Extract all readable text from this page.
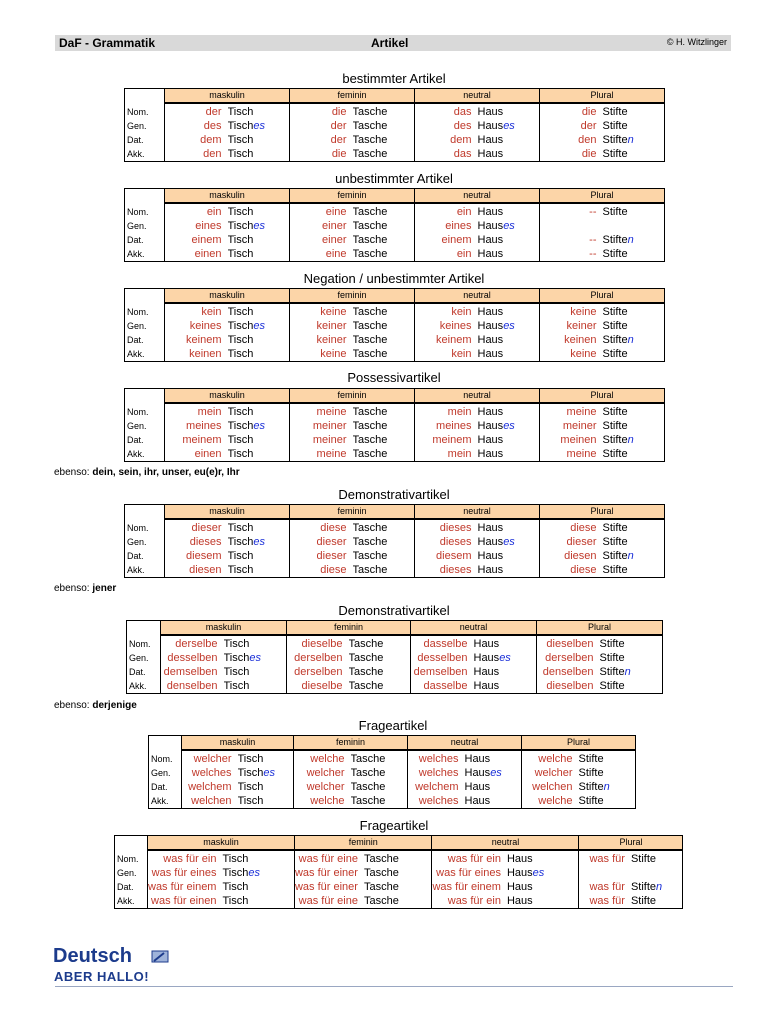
DaF - Grammatik	Artikel	© H. Witzlinger
bestimmter Artikel
	maskulin		feminin		neutral		Plural	
Nom.	der	Tisch	die	Tasche	das	Haus	die	Stifte
Gen.	des	Tisches	der	Tasche	des	Hauses	der	Stifte
Dat.	dem	Tisch	der	Tasche	dem	Haus	den	Stiften
Akk.	den	Tisch	die	Tasche	das	Haus	die	Stifte
unbestimmter Artikel
	maskulin		feminin		neutral		Plural	
Nom.	ein	Tisch	eine	Tasche	ein	Haus	--	Stifte
Gen.	eines	Tisches	einer	Tasche	eines	Hauses		
Dat.	einem	Tisch	einer	Tasche	einem	Haus	--	Stiften
Akk.	einen	Tisch	eine	Tasche	ein	Haus	--	Stifte
Negation / unbestimmter Artikel
	maskulin		feminin		neutral		Plural	
Nom.	kein	Tisch	keine	Tasche	kein	Haus	keine	Stifte
Gen.	keines	Tisches	keiner	Tasche	keines	Hauses	keiner	Stifte
Dat.	keinem	Tisch	keiner	Tasche	keinem	Haus	keinen	Stiften
Akk.	keinen	Tisch	keine	Tasche	kein	Haus	keine	Stifte
Possessivartikel
	maskulin		feminin		neutral		Plural	
Nom.	mein	Tisch	meine	Tasche	mein	Haus	meine	Stifte
Gen.	meines	Tisches	meiner	Tasche	meines	Hauses	meiner	Stifte
Dat.	meinem	Tisch	meiner	Tasche	meinem	Haus	meinen	Stiften
Akk.	einen	Tisch	meine	Tasche	mein	Haus	meine	Stifte
ebenso: dein, sein, ihr, unser, eu(e)r, Ihr
Demonstrativartikel
	maskulin		feminin		neutral		Plural	
Nom.	dieser	Tisch	diese	Tasche	dieses	Haus	diese	Stifte
Gen.	dieses	Tisches	dieser	Tasche	dieses	Hauses	dieser	Stifte
Dat.	diesem	Tisch	dieser	Tasche	diesem	Haus	diesen	Stiften
Akk.	diesen	Tisch	diese	Tasche	dieses	Haus	diese	Stifte
ebenso: jener
Demonstrativartikel
	maskulin		feminin		neutral		Plural	
Nom.	derselbe	Tisch	dieselbe	Tasche	dasselbe	Haus	dieselben	Stifte
Gen.	desselben	Tisches	derselben	Tasche	desselben	Hauses	derselben	Stifte
Dat.	demselben	Tisch	derselben	Tasche	demselben	Haus	denselben	Stiften
Akk.	denselben	Tisch	dieselbe	Tasche	dasselbe	Haus	dieselben	Stifte
ebenso: derjenige
Frageartikel
	maskulin		feminin		neutral		Plural	
Nom.	welcher	Tisch	welche	Tasche	welches	Haus	welche	Stifte
Gen.	welches	Tisches	welcher	Tasche	welches	Hauses	welcher	Stifte
Dat.	welchem	Tisch	welcher	Tasche	welchem	Haus	welchen	Stiften
Akk.	welchen	Tisch	welche	Tasche	welches	Haus	welche	Stifte
Frageartikel
	maskulin		feminin		neutral		Plural	
Nom.	was für ein	Tisch	was für eine	Tasche	was für ein	Haus	was für	Stifte
Gen.	was für eines	Tisches	was für einer	Tasche	was für eines	Hauses		
Dat.	was für einem	Tisch	was für einer	Tasche	was für einem	Haus	was für	Stiften
Akk.	was für einen	Tisch	was für eine	Tasche	was für ein	Haus	was für	Stifte
Deutsch
ABER HALLO!
